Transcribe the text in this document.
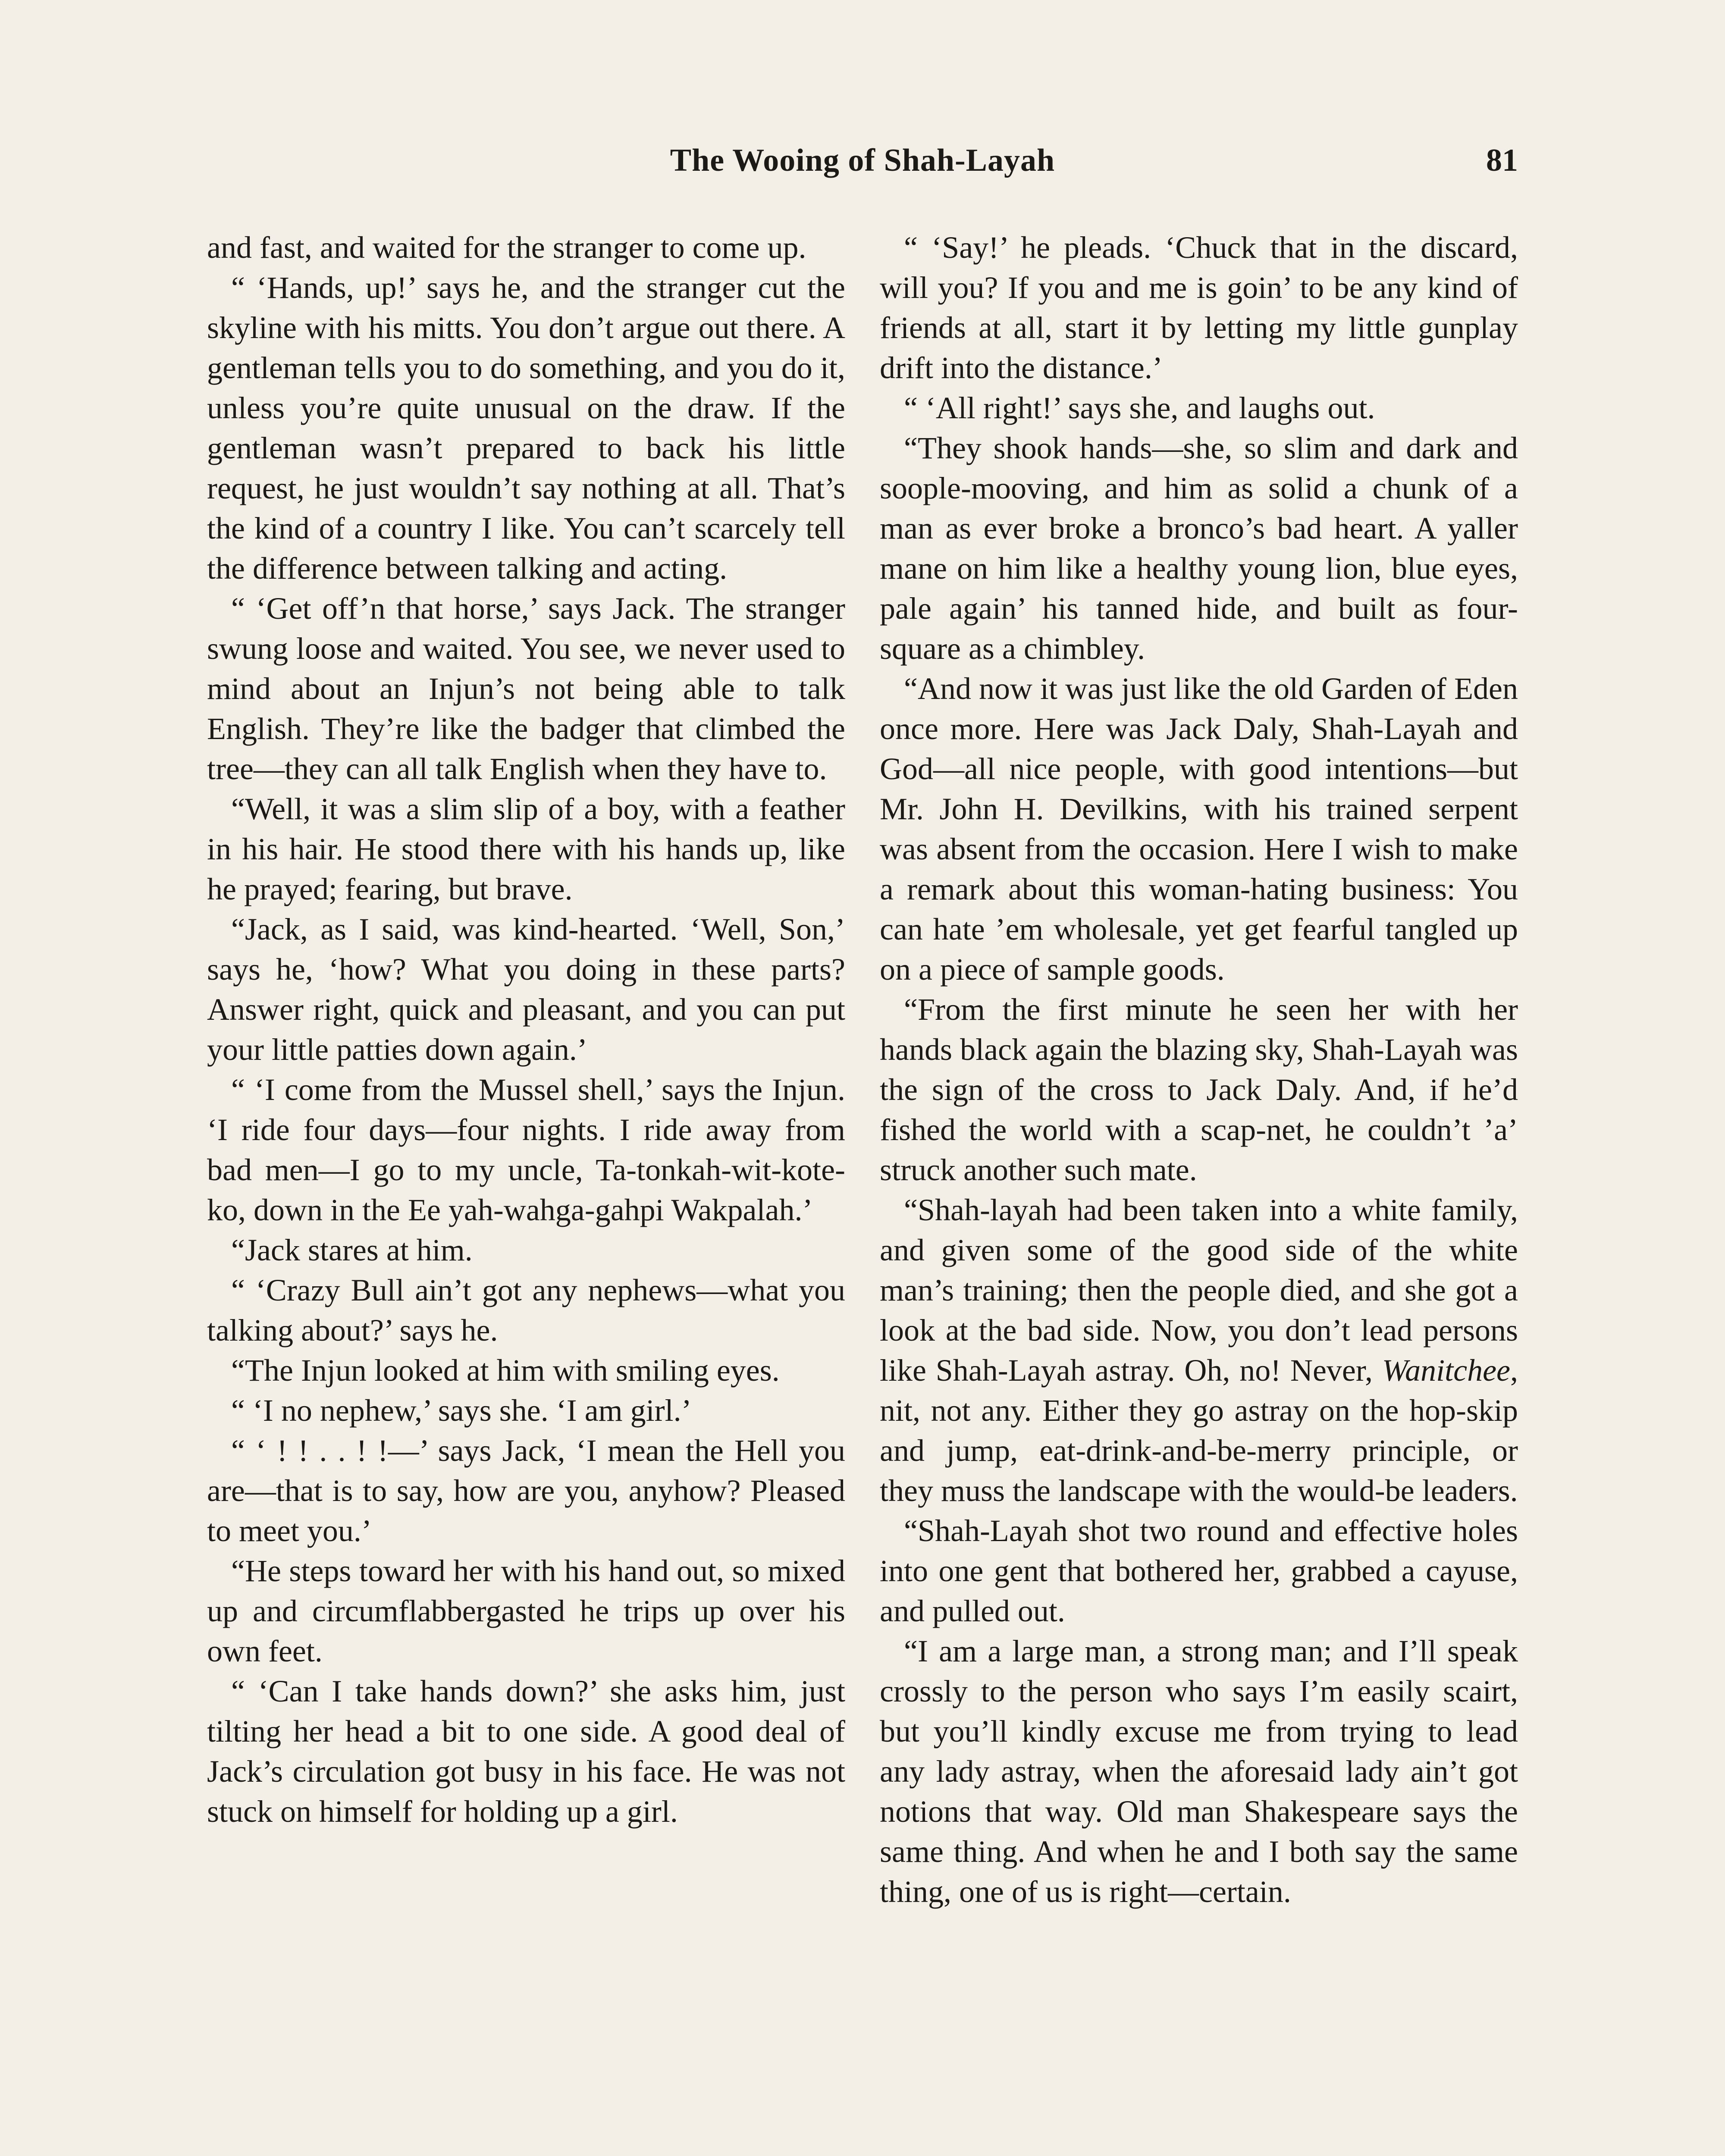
The Wooing of Shah-Layah	81

and fast, and waited for the stranger to come up.

“ ‘Hands, up!’ says he, and the stranger cut the skyline with his mitts. You don’t argue out there. A gentleman tells you to do something, and you do it, unless you’re quite unusual on the draw. If the gentleman wasn’t prepared to back his little request, he just wouldn’t say nothing at all. That’s the kind of a country I like. You can’t scarcely tell the difference between talking and acting.

“ ‘Get off’n that horse,’ says Jack. The stranger swung loose and waited. You see, we never used to mind about an Injun’s not being able to talk English. They’re like the badger that climbed the tree—they can all talk English when they have to.

“Well, it was a slim slip of a boy, with a feather in his hair. He stood there with his hands up, like he prayed; fearing, but brave.

“Jack, as I said, was kind-hearted. ‘Well, Son,’ says he, ‘how? What you doing in these parts? Answer right, quick and pleasant, and you can put your little patties down again.’

“ ‘I come from the Mussel shell,’ says the Injun. ‘I ride four days—four nights. I ride away from bad men—I go to my uncle, Ta-tonkah-wit-kote-ko, down in the Ee yah-wahga-gahpi Wakpalah.’

“Jack stares at him.

“ ‘Crazy Bull ain’t got any nephews—what you talking about?’ says he.

“The Injun looked at him with smiling eyes.

“ ‘I no nephew,’ says she. ‘I am girl.’

“ ‘ ! ! . . ! !—’ says Jack, ‘I mean the Hell you are—that is to say, how are you, anyhow? Pleased to meet you.’

“He steps toward her with his hand out, so mixed up and circumflabbergasted he trips up over his own feet.

“ ‘Can I take hands down?’ she asks him, just tilting her head a bit to one side. A good deal of Jack’s circulation got busy in his face. He was not stuck on himself for holding up a girl.

“ ‘Say!’ he pleads. ‘Chuck that in the discard, will you? If you and me is goin’ to be any kind of friends at all, start it by letting my little gunplay drift into the distance.’

“ ‘All right!’ says she, and laughs out.

“They shook hands—she, so slim and dark and soople-mooving, and him as solid a chunk of a man as ever broke a bronco’s bad heart. A yaller mane on him like a healthy young lion, blue eyes, pale again’ his tanned hide, and built as four-square as a chimbley.

“And now it was just like the old Garden of Eden once more. Here was Jack Daly, Shah-Layah and God—all nice people, with good intentions—but Mr. John H. Devilkins, with his trained serpent was absent from the occasion. Here I wish to make a remark about this woman-hating business: You can hate ’em wholesale, yet get fearful tangled up on a piece of sample goods.

“From the first minute he seen her with her hands black again the blazing sky, Shah-Layah was the sign of the cross to Jack Daly. And, if he’d fished the world with a scap-net, he couldn’t ’a’ struck another such mate.

“Shah-layah had been taken into a white family, and given some of the good side of the white man’s training; then the people died, and she got a look at the bad side. Now, you don’t lead persons like Shah-Layah astray. Oh, no! Never, Wanitchee, nit, not any. Either they go astray on the hop-skip and jump, eat-drink-and-be-merry principle, or they muss the landscape with the would-be leaders.

“Shah-Layah shot two round and effective holes into one gent that bothered her, grabbed a cayuse, and pulled out.

“I am a large man, a strong man; and I’ll speak crossly to the person who says I’m easily scairt, but you’ll kindly excuse me from trying to lead any lady astray, when the aforesaid lady ain’t got notions that way. Old man Shakespeare says the same thing. And when he and I both say the same thing, one of us is right—certain.
